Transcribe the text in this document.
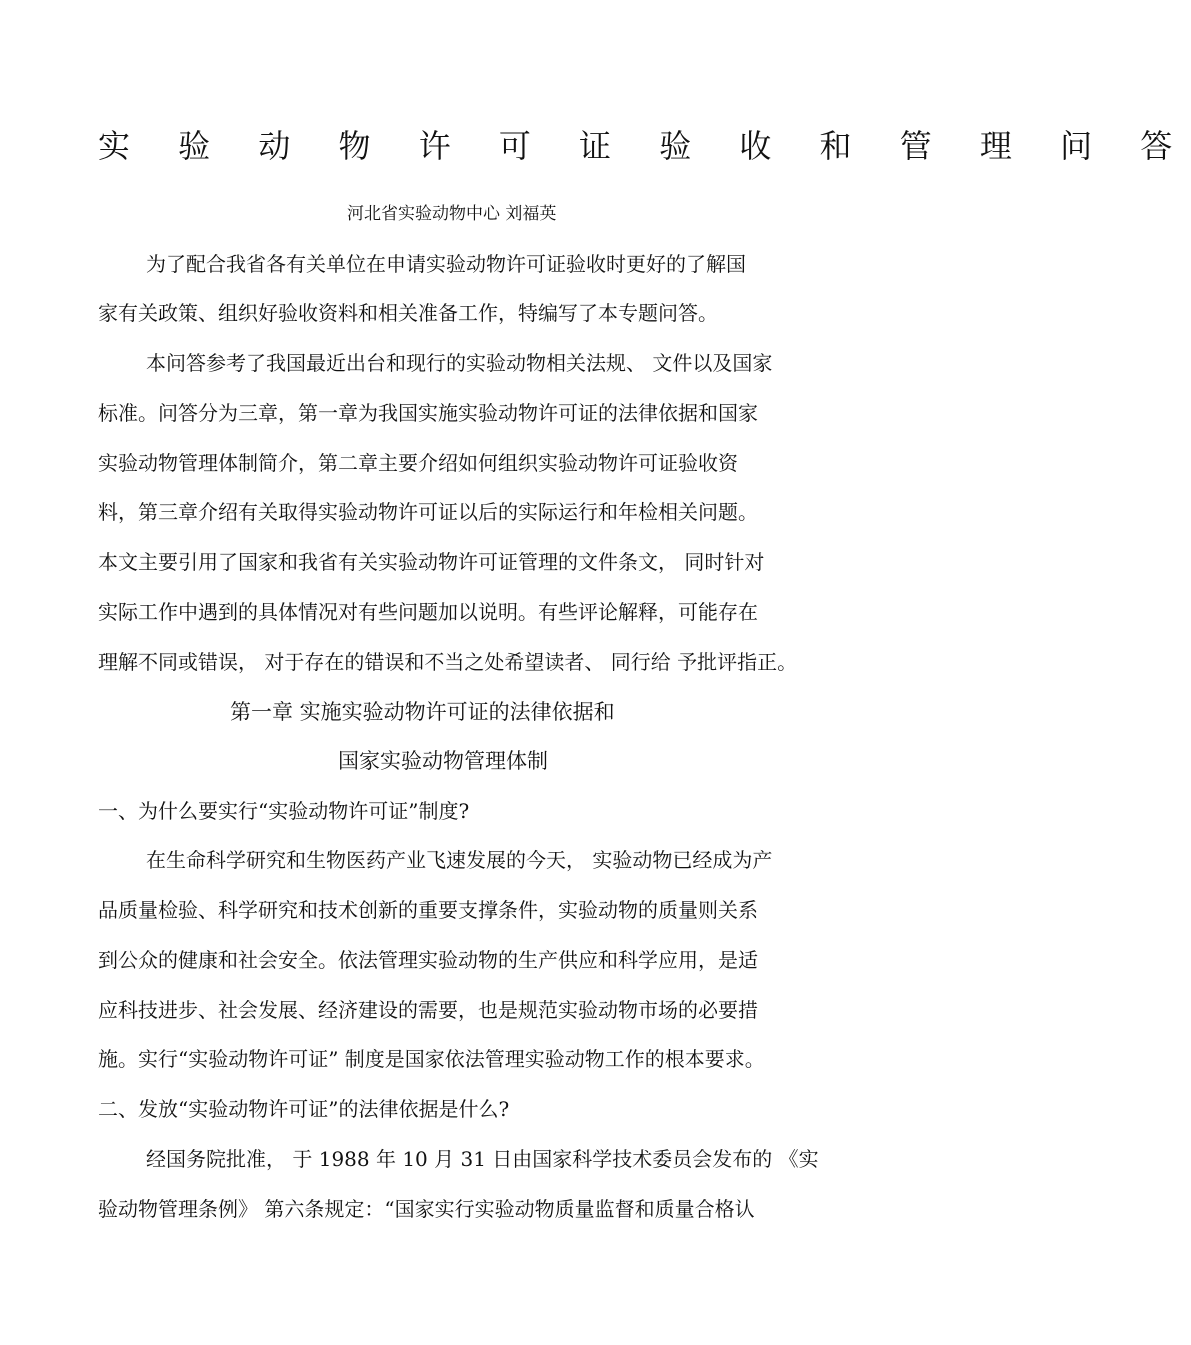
实 验 动 物 许 可 证 验 收 和 管 理 问 答
河北省实验动物中心 刘福英
为了配合我省各有关单位在申请实验动物许可证验收时更好的了解国
家有关政策、组织好验收资料和相关准备工作，特编写了本专题问答。
本问答参考了我国最近出台和现行的实验动物相关法规、 文件以及国家
标准。问答分为三章，第一章为我国实施实验动物许可证的法律依据和国家
实验动物管理体制简介，第二章主要介绍如何组织实验动物许可证验收资
料，第三章介绍有关取得实验动物许可证以后的实际运行和年检相关问题。
本文主要引用了国家和我省有关实验动物许可证管理的文件条文， 同时针对
实际工作中遇到的具体情况对有些问题加以说明。有些评论解释，可能存在
理解不同或错误， 对于存在的错误和不当之处希望读者、 同行给 予批评指正。
第一章 实施实验动物许可证的法律依据和
国家实验动物管理体制
一、为什么要实行“实验动物许可证”制度?
在生命科学研究和生物医药产业飞速发展的今天， 实验动物已经成为产
品质量检验、科学研究和技术创新的重要支撑条件，实验动物的质量则关系
到公众的健康和社会安全。依法管理实验动物的生产供应和科学应用，是适
应科技进步、社会发展、经济建设的需要，也是规范实验动物市场的必要措
施。实行“实验动物许可证” 制度是国家依法管理实验动物工作的根本要求。
二、发放“实验动物许可证”的法律依据是什么?
经国务院批准， 于 1988 年 10 月 31 日由国家科学技术委员会发布的 《实
验动物管理条例》 第六条规定：“国家实行实验动物质量监督和质量合格认
